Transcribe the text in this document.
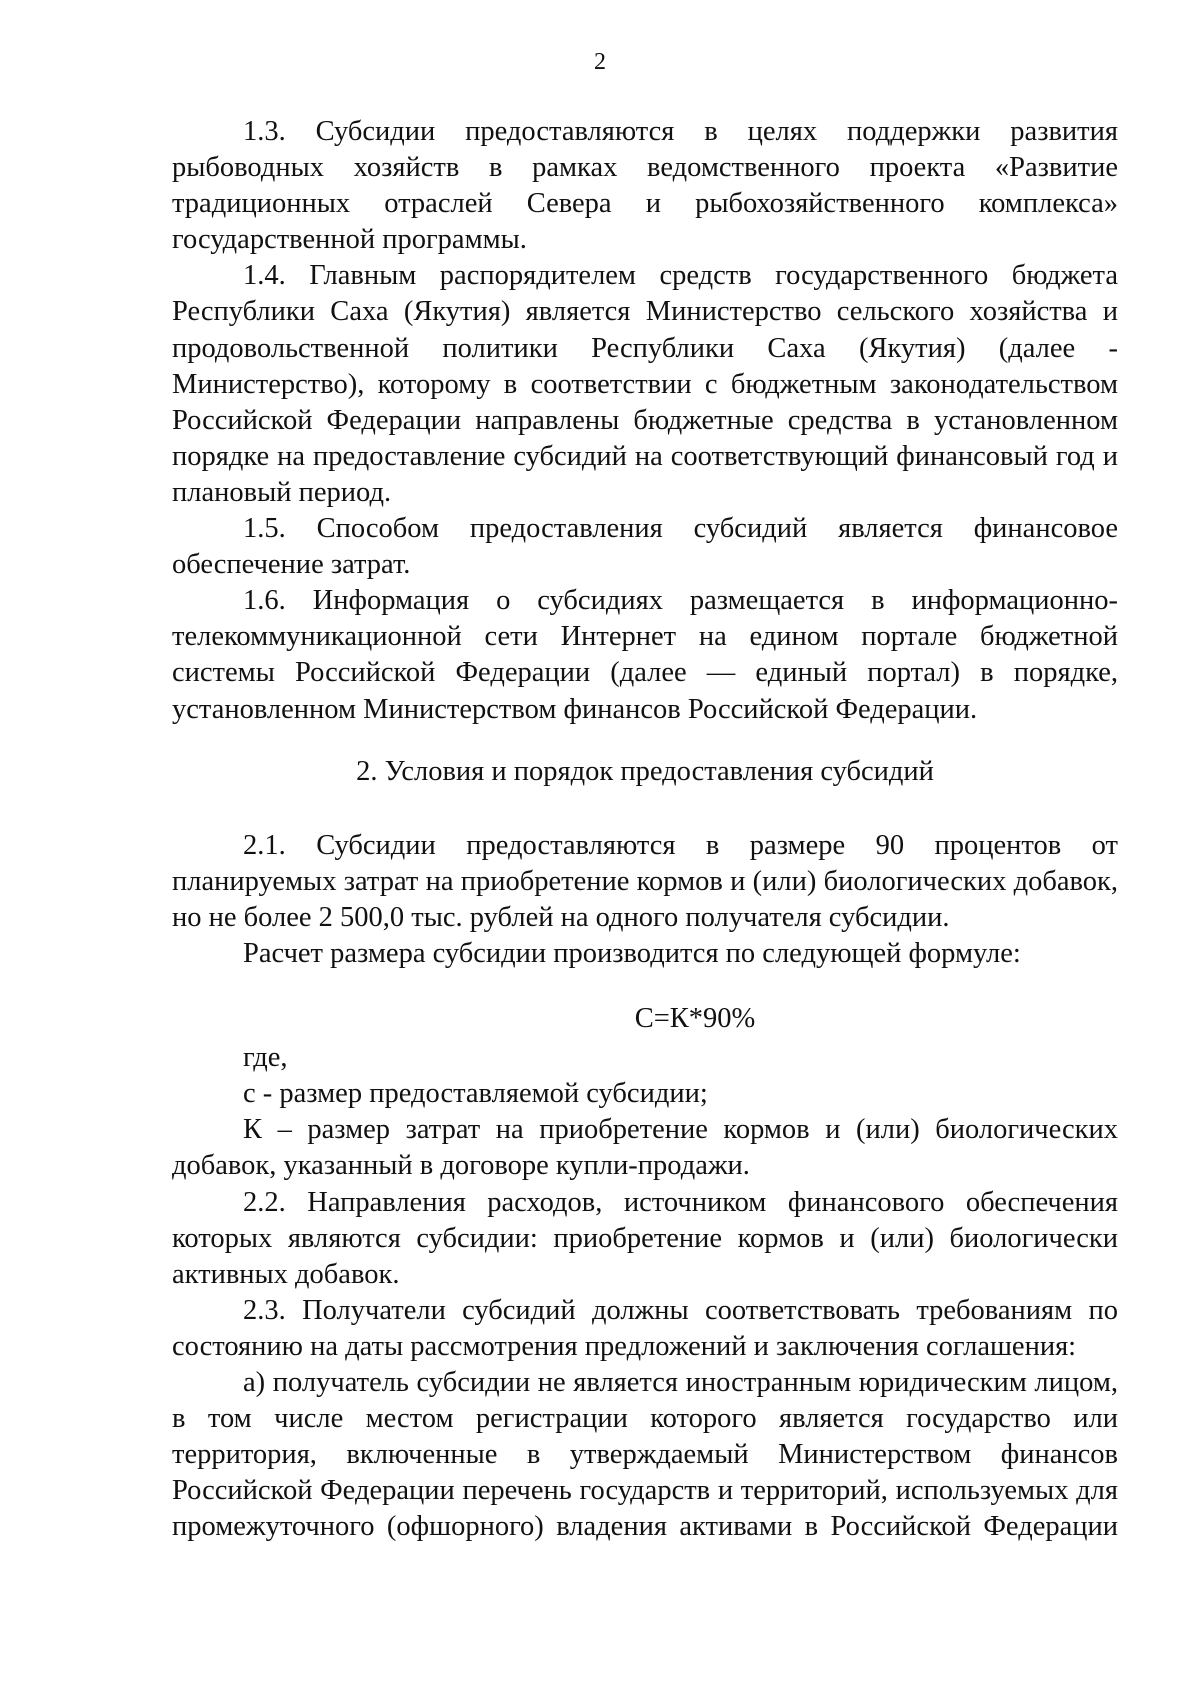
2

1.3. Субсидии предоставляются в целях поддержки развития рыбоводных хозяйств в рамках ведомственного проекта «Развитие традиционных отраслей Севера и рыбохозяйственного комплекса» государственной программы.

1.4. Главным распорядителем средств государственного бюджета Республики Саха (Якутия) является Министерство сельского хозяйства и продовольственной политики Республики Саха (Якутия) (далее - Министерство), которому в соответствии с бюджетным законодательством Российской Федерации направлены бюджетные средства в установленном порядке на предоставление субсидий на соответствующий финансовый год и плановый период.

1.5. Способом предоставления субсидий является финансовое обеспечение затрат.

1.6. Информация о субсидиях размещается в информационно-телекоммуникационной сети Интернет на едином портале бюджетной системы Российской Федерации (далее — единый портал) в порядке, установленном Министерством финансов Российской Федерации.

2. Условия и порядок предоставления субсидий

2.1. Субсидии предоставляются в размере 90 процентов от планируемых затрат на приобретение кормов и (или) биологических добавок, но не более 2 500,0 тыс. рублей на одного получателя субсидии.

Расчет размера субсидии производится по следующей формуле:

С=К*90%

где,

с - размер предоставляемой субсидии;

К – размер затрат на приобретение кормов и (или) биологических добавок, указанный в договоре купли-продажи.

2.2. Направления расходов, источником финансового обеспечения которых являются субсидии: приобретение кормов и (или) биологически активных добавок.

2.3. Получатели субсидий должны соответствовать требованиям по состоянию на даты рассмотрения предложений и заключения соглашения:

а) получатель субсидии не является иностранным юридическим лицом, в том числе местом регистрации которого является государство или территория, включенные в утверждаемый Министерством финансов Российской Федерации перечень государств и территорий, используемых для промежуточного (офшорного) владения активами в Российской Федерации
